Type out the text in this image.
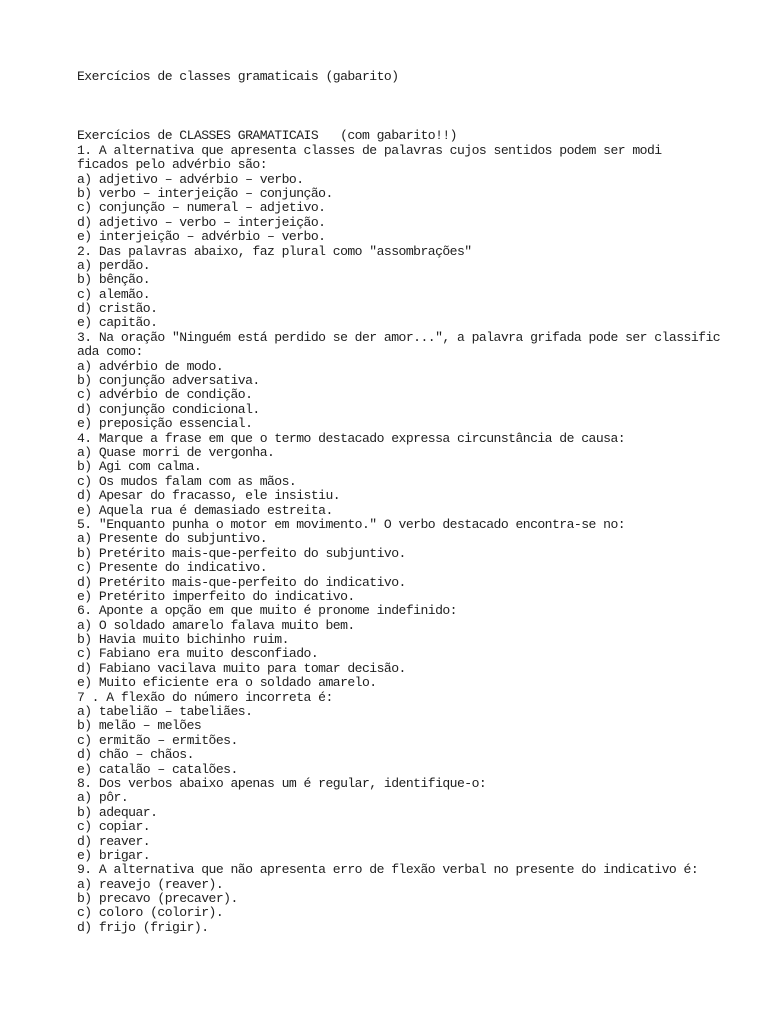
Exercícios de classes gramaticais (gabarito)
Exercícios de CLASSES GRAMATICAIS   (com gabarito!!)
1. A alternativa que apresenta classes de palavras cujos sentidos podem ser modi
ficados pelo advérbio são:
a) adjetivo – advérbio – verbo.
b) verbo – interjeição – conjunção.
c) conjunção – numeral – adjetivo.
d) adjetivo – verbo – interjeição.
e) interjeição – advérbio – verbo.
2. Das palavras abaixo, faz plural como "assombrações"
a) perdão.
b) bênção.
c) alemão.
d) cristão.
e) capitão.
3. Na oração "Ninguém está perdido se der amor...", a palavra grifada pode ser classific
ada como:
a) advérbio de modo.
b) conjunção adversativa.
c) advérbio de condição.
d) conjunção condicional.
e) preposição essencial.
4. Marque a frase em que o termo destacado expressa circunstância de causa:
a) Quase morri de vergonha.
b) Agi com calma.
c) Os mudos falam com as mãos.
d) Apesar do fracasso, ele insistiu.
e) Aquela rua é demasiado estreita.
5. "Enquanto punha o motor em movimento." O verbo destacado encontra-se no:
a) Presente do subjuntivo.
b) Pretérito mais-que-perfeito do subjuntivo.
c) Presente do indicativo.
d) Pretérito mais-que-perfeito do indicativo.
e) Pretérito imperfeito do indicativo.
6. Aponte a opção em que muito é pronome indefinido:
a) O soldado amarelo falava muito bem.
b) Havia muito bichinho ruim.
c) Fabiano era muito desconfiado.
d) Fabiano vacilava muito para tomar decisão.
e) Muito eficiente era o soldado amarelo.
7 . A flexão do número incorreta é:
a) tabelião – tabeliães.
b) melão – melões
c) ermitão – ermitões.
d) chão – chãos.
e) catalão – catalões.
8. Dos verbos abaixo apenas um é regular, identifique-o:
a) pôr.
b) adequar.
c) copiar.
d) reaver.
e) brigar.
9. A alternativa que não apresenta erro de flexão verbal no presente do indicativo é:
a) reavejo (reaver).
b) precavo (precaver).
c) coloro (colorir).
d) frijo (frigir).
